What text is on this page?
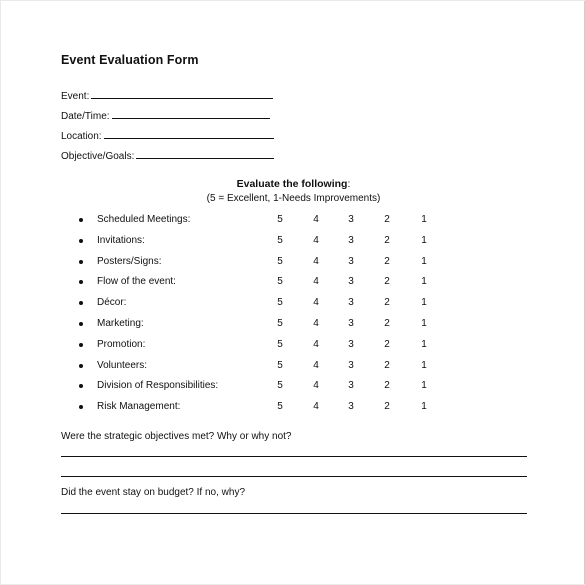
Event Evaluation Form
Event:
Date/Time:
Location:
Objective/Goals:
Evaluate the following:
(5 = Excellent, 1-Needs Improvements)
Scheduled Meetings:	5	4	3	2	1
Invitations:	5	4	3	2	1
Posters/Signs:	5	4	3	2	1
Flow of the event:	5	4	3	2	1
Décor:	5	4	3	2	1
Marketing:	5	4	3	2	1
Promotion:	5	4	3	2	1
Volunteers:	5	4	3	2	1
Division of Responsibilities:	5	4	3	2	1
Risk Management:	5	4	3	2	1
Were the strategic objectives met? Why or why not?
Did the event stay on budget? If no, why?
